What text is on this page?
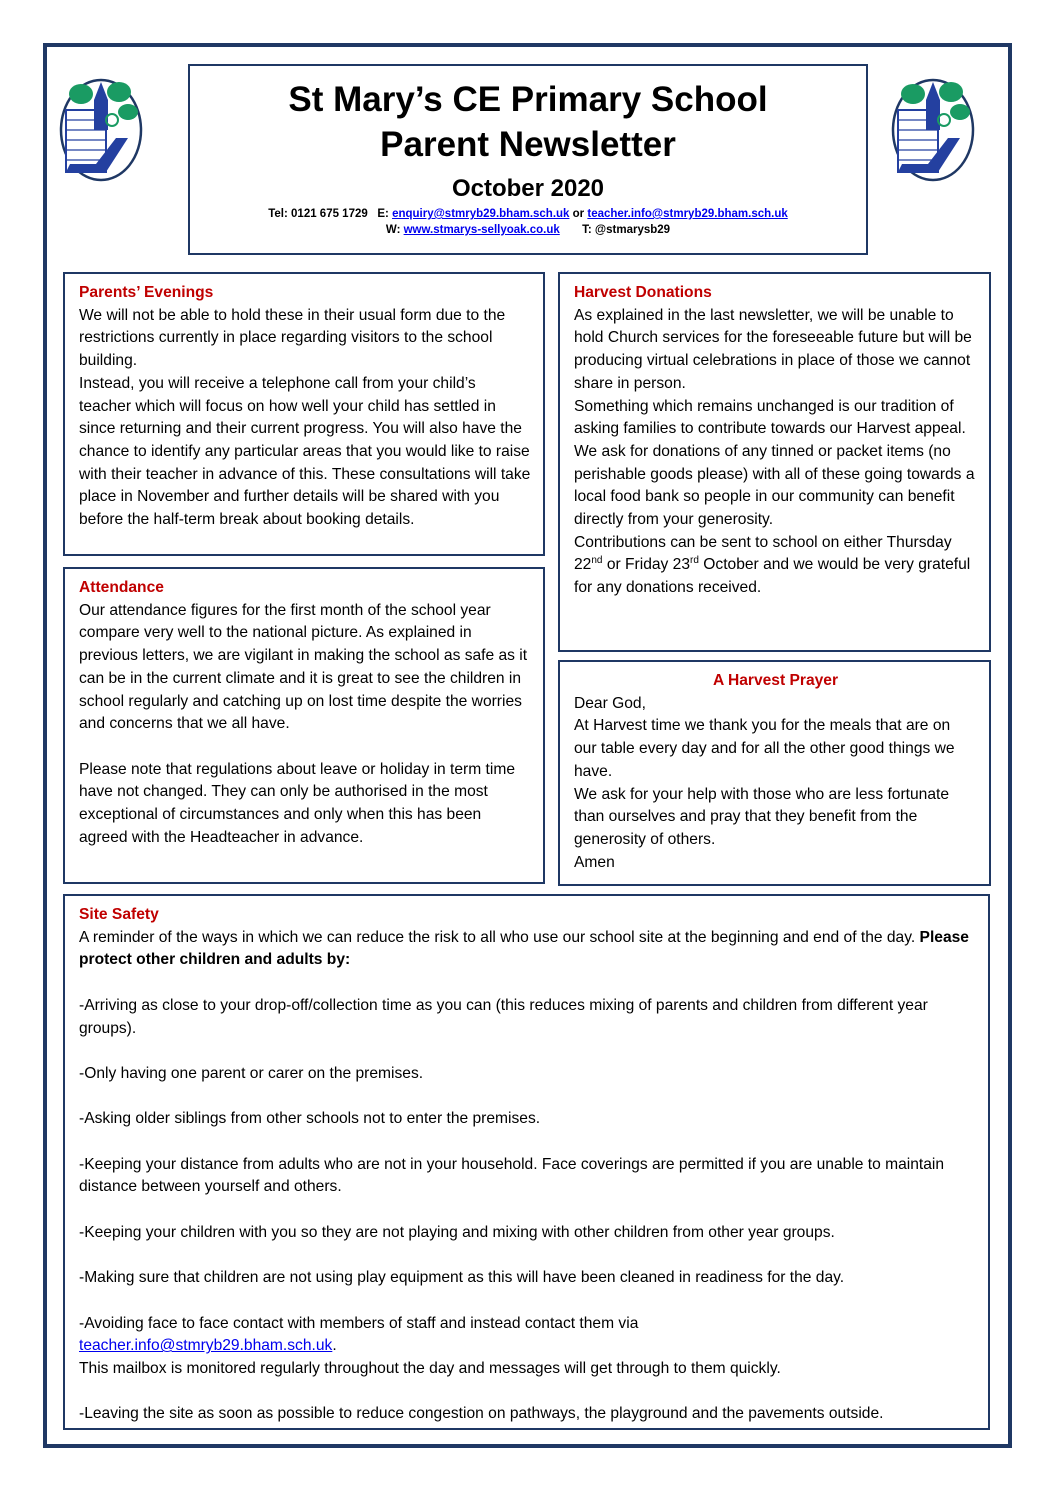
St Mary’s CE Primary School
Parent Newsletter
October 2020
Tel: 0121 675 1729 E: enquiry@stmryb29.bham.sch.uk or teacher.info@stmryb29.bham.sch.uk
W: www.stmarys-sellyoak.co.uk T: @stmarysb29
Parents’ Evenings

We will not be able to hold these in their usual form due to the restrictions currently in place regarding visitors to the school building.

Instead, you will receive a telephone call from your child’s teacher which will focus on how well your child has settled in since returning and their current progress. You will also have the chance to identify any particular areas that you would like to raise with their teacher in advance of this. These consultations will take place in November and further details will be shared with you before the half-term break about booking details.

Attendance

Our attendance figures for the first month of the school year compare very well to the national picture. As explained in previous letters, we are vigilant in making the school as safe as it can be in the current climate and it is great to see the children in school regularly and catching up on lost time despite the worries and concerns that we all have.

Please note that regulations about leave or holiday in term time have not changed. They can only be authorised in the most exceptional of circumstances and only when this has been agreed with the Headteacher in advance.

Harvest Donations

As explained in the last newsletter, we will be unable to hold Church services for the foreseeable future but will be producing virtual celebrations in place of those we cannot share in person.

Something which remains unchanged is our tradition of asking families to contribute towards our Harvest appeal.

We ask for donations of any tinned or packet items (no perishable goods please) with all of these going towards a local food bank so people in our community can benefit directly from your generosity.

Contributions can be sent to school on either Thursday 22nd or Friday 23rd October and we would be very grateful for any donations received.

A Harvest Prayer

Dear God,

At Harvest time we thank you for the meals that are on our table every day and for all the other good things we have.

We ask for your help with those who are less fortunate than ourselves and pray that they benefit from the generosity of others.

Amen

Site Safety

A reminder of the ways in which we can reduce the risk to all who use our school site at the beginning and end of the day. Please protect other children and adults by:

-Arriving as close to your drop-off/collection time as you can (this reduces mixing of parents and children from different year groups).

-Only having one parent or carer on the premises.

-Asking older siblings from other schools not to enter the premises.

-Keeping your distance from adults who are not in your household. Face coverings are permitted if you are unable to maintain distance between yourself and others.

-Keeping your children with you so they are not playing and mixing with other children from other year groups.

-Making sure that children are not using play equipment as this will have been cleaned in readiness for the day.

-Avoiding face to face contact with members of staff and instead contact them via

teacher.info@stmryb29.bham.sch.uk.

This mailbox is monitored regularly throughout the day and messages will get through to them quickly.

-Leaving the site as soon as possible to reduce congestion on pathways, the playground and the pavements outside.
